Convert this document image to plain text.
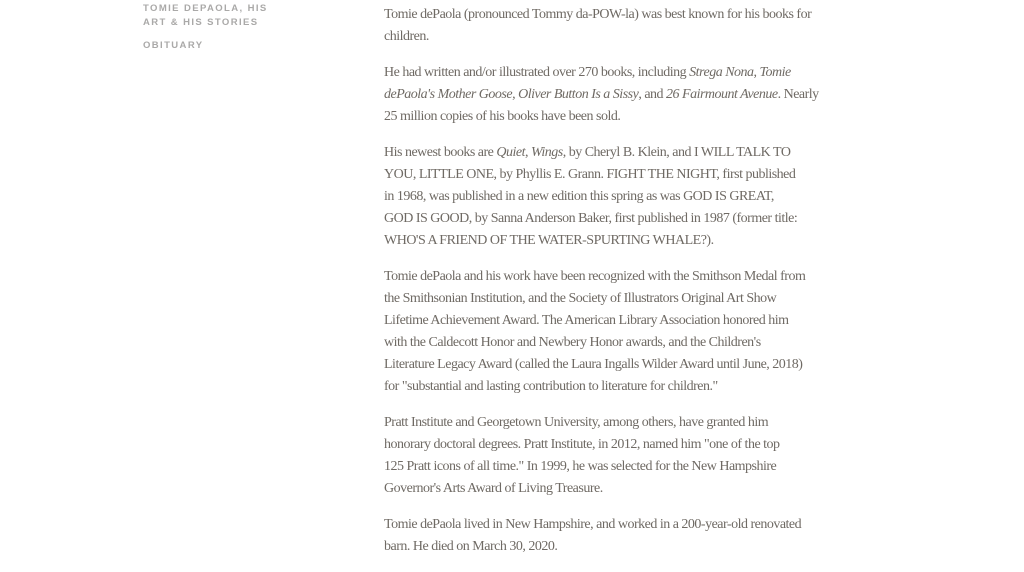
TOMIE DEPAOLA, HIS
ART & HIS STORIES
OBITUARY

Tomie dePaola (pronounced Tommy da-POW-la) was best known for his books for
children.

He had written and/or illustrated over 270 books, including Strega Nona, Tomie
dePaola's Mother Goose, Oliver Button Is a Sissy, and 26 Fairmount Avenue. Nearly
25 million copies of his books have been sold.

His newest books are Quiet, Wings, by Cheryl B. Klein, and I WILL TALK TO
YOU, LITTLE ONE, by Phyllis E. Grann. FIGHT THE NIGHT, first published
in 1968, was published in a new edition this spring as was GOD IS GREAT,
GOD IS GOOD, by Sanna Anderson Baker, first published in 1987 (former title:
WHO'S A FRIEND OF THE WATER-SPURTING WHALE?).

Tomie dePaola and his work have been recognized with the Smithson Medal from
the Smithsonian Institution, and the Society of Illustrators Original Art Show
Lifetime Achievement Award. The American Library Association honored him
with the Caldecott Honor and Newbery Honor awards, and the Children's
Literature Legacy Award (called the Laura Ingalls Wilder Award until June, 2018)
for "substantial and lasting contribution to literature for children."

Pratt Institute and Georgetown University, among others, have granted him
honorary doctoral degrees. Pratt Institute, in 2012, named him "one of the top
125 Pratt icons of all time." In 1999, he was selected for the New Hampshire
Governor's Arts Award of Living Treasure.

Tomie dePaola lived in New Hampshire, and worked in a 200-year-old renovated
barn. He died on March 30, 2020.
